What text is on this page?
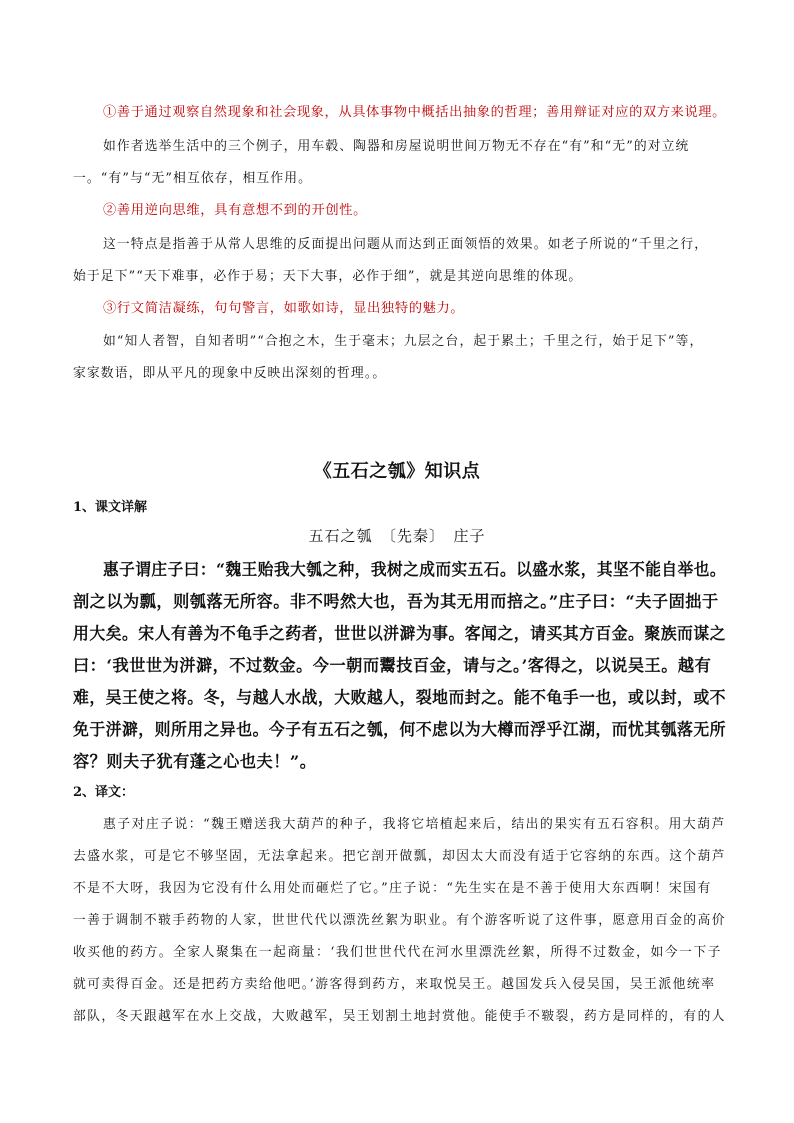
①善于通过观察自然现象和社会现象，从具体事物中概括出抽象的哲理；善用辩证对应的双方来说理。
如作者选举生活中的三个例子，用车毂、陶器和房屋说明世间万物无不存在“有”和“无”的对立统
一。“有”与“无”相互依存，相互作用。
②善用逆向思维，具有意想不到的开创性。
这一特点是指善于从常人思维的反面提出问题从而达到正面领悟的效果。如老子所说的“千里之行，
始于足下”“天下难事，必作于易；天下大事，必作于细”，就是其逆向思维的体现。
③行文简洁凝练，句句警言，如歌如诗，显出独特的魅力。
如“知人者智，自知者明”“合抱之木，生于毫末；九层之台，起于累土；千里之行，始于足下”等，
家家数语，即从平凡的现象中反映出深刻的哲理。。
《五石之瓠》知识点
1、课文详解
五石之瓠　〔先秦〕　庄子
惠子谓庄子曰：“魏王贻我大瓠之种，我树之成而实五石。以盛水浆，其坚不能自举也。
剖之以为瓢，则瓠落无所容。非不呺然大也，吾为其无用而掊之。”庄子曰：“夫子固拙于
用大矣。宋人有善为不龟手之药者，世世以洴澼为事。客闻之，请买其方百金。聚族而谋之
曰：‘我世世为洴澼，不过数金。今一朝而鬻技百金，请与之。’客得之，以说吴王。越有
难，吴王使之将。冬，与越人水战，大败越人，裂地而封之。能不龟手一也，或以封，或不
免于洴澼，则所用之异也。今子有五石之瓠，何不虑以为大樽而浮乎江湖，而忧其瓠落无所
容？则夫子犹有蓬之心也夫！”。
2、译文：
惠子对庄子说：“魏王赠送我大葫芦的种子，我将它培植起来后，结出的果实有五石容积。用大葫芦
去盛水浆，可是它不够坚固，无法拿起来。把它剖开做瓢，却因太大而没有适于它容纳的东西。这个葫芦
不是不大呀，我因为它没有什么用处而砸烂了它。”庄子说：“先生实在是不善于使用大东西啊！宋国有
一善于调制不皲手药物的人家，世世代代以漂洗丝絮为职业。有个游客听说了这件事，愿意用百金的高价
收买他的药方。全家人聚集在一起商量：‘我们世世代代在河水里漂洗丝絮，所得不过数金，如今一下子
就可卖得百金。还是把药方卖给他吧。’游客得到药方，来取悦吴王。越国发兵入侵吴国，吴王派他统率
部队，冬天跟越军在水上交战，大败越军，吴王划割土地封赏他。能使手不皲裂，药方是同样的，有的人
